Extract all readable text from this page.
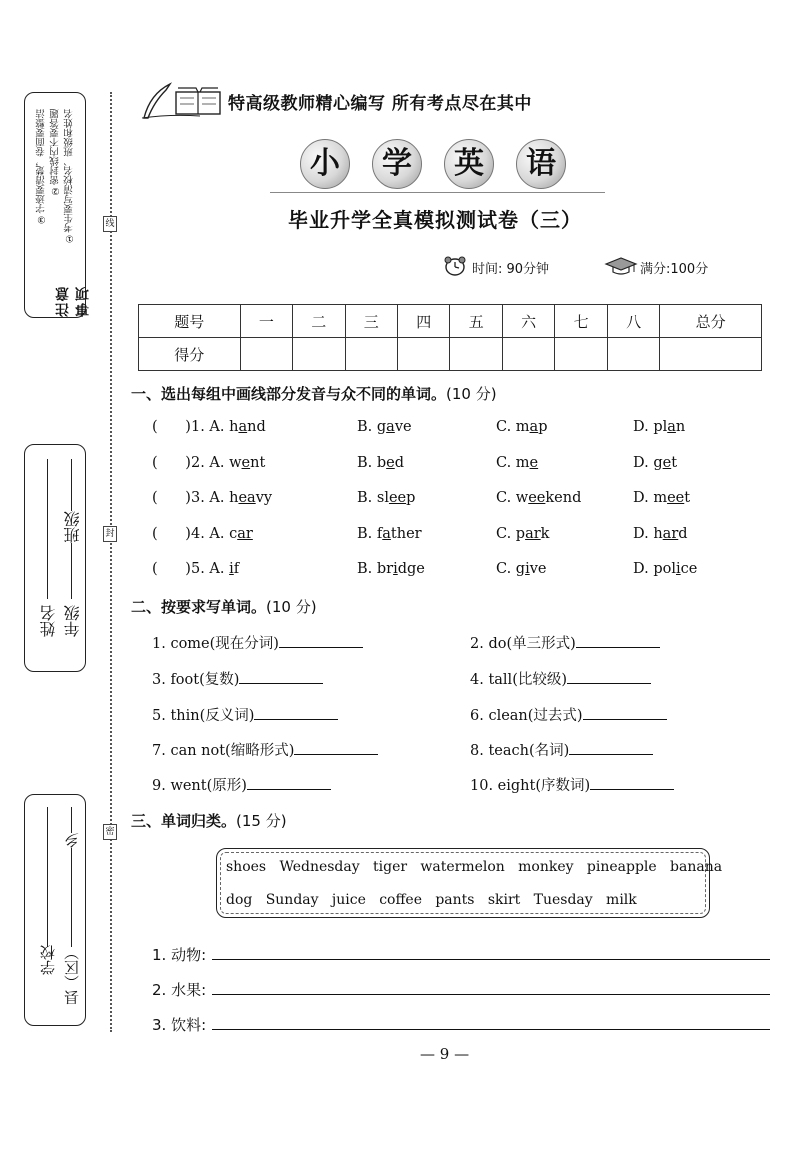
注意事项
①考生要写清校名、班级和姓名
②密封线内不要答题
③字迹要清楚，卷面要整洁
年级
班级
姓名
县（区）
乡
学校
线
封
密
特高级教师精心编写 所有考点尽在其中
小	学	英	语
毕业升学全真模拟测试卷（三）
时间: 90分钟	满分:100分
题号	一	二	三	四	五	六	七	八	总分
得分									
一、选出每组中画线部分发音与众不同的单词。(10 分)
(      )1. A. hand	B. gave	C. map	D. plan
(      )2. A. went	B. bed	C. me	D. get
(      )3. A. heavy	B. sleep	C. weekend	D. meet
(      )4. A. car	B. father	C. park	D. hard
(      )5. A. if	B. bridge	C. give	D. police
二、按要求写单词。(10 分)
1. come(现在分词)	2. do(单三形式)
3. foot(复数)	4. tall(比较级)
5. thin(反义词)	6. clean(过去式)
7. can not(缩略形式)	8. teach(名词)
9. went(原形)	10. eight(序数词)
三、单词归类。(15 分)
shoes   Wednesday   tiger   watermelon   monkey   pineapple   banana
dog   Sunday   juice   coffee   pants   skirt   Tuesday   milk
1. 动物:
2. 水果:
3. 饮料:
— 9 —
